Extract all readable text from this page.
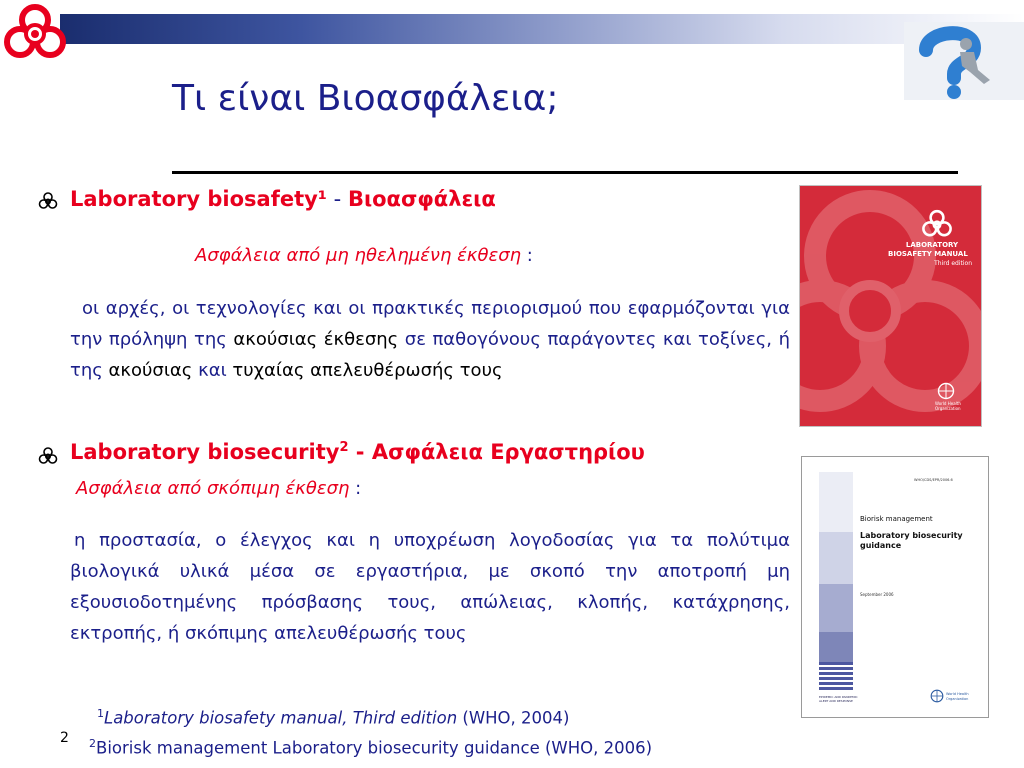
Τι είναι Βιοασφάλεια;
Laboratory biosafety¹ - Βιοασφάλεια
Ασφάλεια από μη ηθελημένη έκθεση :
οι αρχές, οι τεχνολογίες και οι πρακτικές περιορισμού που εφαρμόζονται για την πρόληψη της ακούσιας έκθεσης σε παθογόνους παράγοντες και τοξίνες, ή της ακούσιας και τυχαίας απελευθέρωσής τους
Laboratory biosecurity$^2$ - Ασφάλεια Εργαστηρίου
Ασφάλεια από σκόπιμη έκθεση :
η προστασία, ο έλεγχος και η υποχρέωση λογοδοσίας για τα πολύτιμα βιολογικά υλικά μέσα σε εργαστήρια, με σκοπό την αποτροπή μη εξουσιοδοτημένης πρόσβασης τους, απώλειας, κλοπής, κατάχρησης, εκτροπής, ή σκόπιμης απελευθέρωσής τους
LABORATORY
BIOSAFETY MANUAL
Third edition
World Health
Organization
WHO/CDS/EPR/2006.6
Biorisk management
Laboratory biosecurity
guidance
September 2006
EPIDEMIC AND PANDEMIC
ALERT AND RESPONSE
World Health
Organization
$^1$Laboratory biosafety manual, Third edition (WHO, 2004)
$^2$Biorisk management Laboratory biosecurity guidance (WHO, 2006)
2
